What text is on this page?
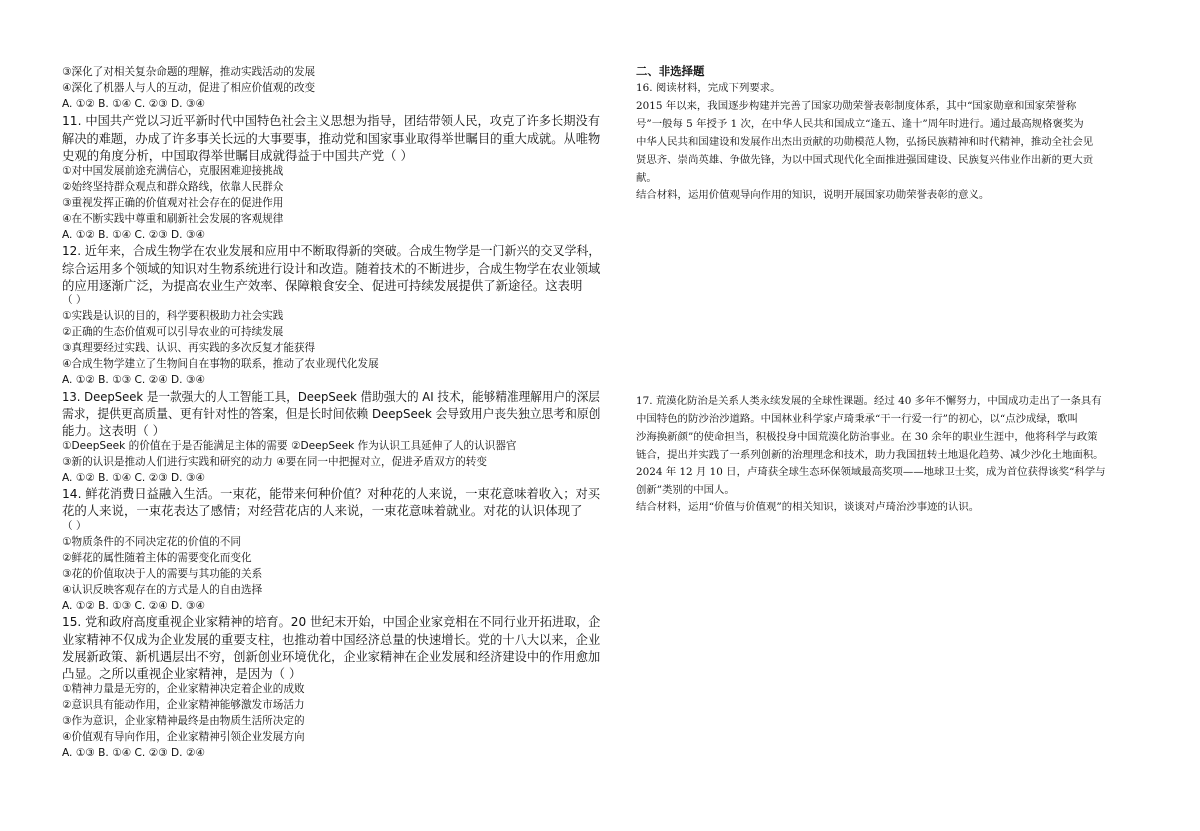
③深化了对相关复杂命题的理解，推动实践活动的发展
④深化了机器人与人的互动，促进了相应价值观的改变
A. ①② B. ①④ C. ②③ D. ③④
11. 中国共产党以习近平新时代中国特色社会主义思想为指导，团结带领人民，攻克了许多长期没有
解决的难题，办成了许多事关长远的大事要事，推动党和国家事业取得举世瞩目的重大成就。从唯物
史观的角度分析，中国取得举世瞩目成就得益于中国共产党（ ）
①对中国发展前途充满信心，克服困难迎接挑战
②始终坚持群众观点和群众路线，依靠人民群众
③重视发挥正确的价值观对社会存在的促进作用
④在不断实践中尊重和刷新社会发展的客观规律
A. ①② B. ①④ C. ②③ D. ③④
12. 近年来，合成生物学在农业发展和应用中不断取得新的突破。合成生物学是一门新兴的交叉学科，
综合运用多个领域的知识对生物系统进行设计和改造。随着技术的不断进步，合成生物学在农业领域
的应用逐渐广泛，为提高农业生产效率、保障粮食安全、促进可持续发展提供了新途径。这表明
（ ）
①实践是认识的目的，科学要积极助力社会实践
②正确的生态价值观可以引导农业的可持续发展
③真理要经过实践、认识、再实践的多次反复才能获得
④合成生物学建立了生物间自在事物的联系，推动了农业现代化发展
A. ①② B. ①③ C. ②④ D. ③④
13. DeepSeek 是一款强大的人工智能工具，DeepSeek 借助强大的 AI 技术，能够精准理解用户的深层
需求，提供更高质量、更有针对性的答案，但是长时间依赖 DeepSeek 会导致用户丧失独立思考和原创
能力。这表明（ ）
①DeepSeek 的价值在于是否能满足主体的需要 ②DeepSeek 作为认识工具延伸了人的认识器官
③新的认识是推动人们进行实践和研究的动力 ④要在同一中把握对立，促进矛盾双方的转变
A. ①② B. ①④ C. ②③ D. ③④
14. 鲜花消费日益融入生活。一束花，能带来何种价值？对种花的人来说，一束花意味着收入；对买
花的人来说，一束花表达了感情；对经营花店的人来说，一束花意味着就业。对花的认识体现了
（ ）
①物质条件的不同决定花的价值的不同
②鲜花的属性随着主体的需要变化而变化
③花的价值取决于人的需要与其功能的关系
④认识反映客观存在的方式是人的自由选择
A. ①② B. ①③ C. ②④ D. ③④
15. 党和政府高度重视企业家精神的培育。20 世纪末开始，中国企业家竞相在不同行业开拓进取，企
业家精神不仅成为企业发展的重要支柱，也推动着中国经济总量的快速增长。党的十八大以来，企业
发展新政策、新机遇层出不穷，创新创业环境优化，企业家精神在企业发展和经济建设中的作用愈加
凸显。之所以重视企业家精神，是因为（ ）
①精神力量是无穷的，企业家精神决定着企业的成败
②意识具有能动作用，企业家精神能够激发市场活力
③作为意识，企业家精神最终是由物质生活所决定的
④价值观有导向作用，企业家精神引领企业发展方向
A. ①③ B. ①④ C. ②③ D. ②④
二、非选择题
16. 阅读材料，完成下列要求。
2015 年以来，我国逐步构建并完善了国家功勋荣誉表彰制度体系，其中“国家勋章和国家荣誉称
号”一般每 5 年授予 1 次，在中华人民共和国成立“逢五、逢十”周年时进行。通过最高规格褒奖为
中华人民共和国建设和发展作出杰出贡献的功勋模范人物，弘扬民族精神和时代精神，推动全社会见
贤思齐、崇尚英雄、争做先锋，为以中国式现代化全面推进强国建设、民族复兴伟业作出新的更大贡
献。
结合材料，运用价值观导向作用的知识，说明开展国家功勋荣誉表彰的意义。
17. 荒漠化防治是关系人类永续发展的全球性课题。经过 40 多年不懈努力，中国成功走出了一条具有
中国特色的防沙治沙道路。中国林业科学家卢琦秉承“干一行爱一行”的初心，以“点沙成绿，歌叫
沙海换新颜”的使命担当，积极投身中国荒漠化防治事业。在 30 余年的职业生涯中，他将科学与政策
链合，提出并实践了一系列创新的治理理念和技术，助力我国扭转土地退化趋势、减少沙化土地面积。
2024 年 12 月 10 日，卢琦获全球生态环保领域最高奖项——地球卫士奖，成为首位获得该奖“科学与
创新”类别的中国人。
结合材料，运用“价值与价值观”的相关知识，谈谈对卢琦治沙事迹的认识。
